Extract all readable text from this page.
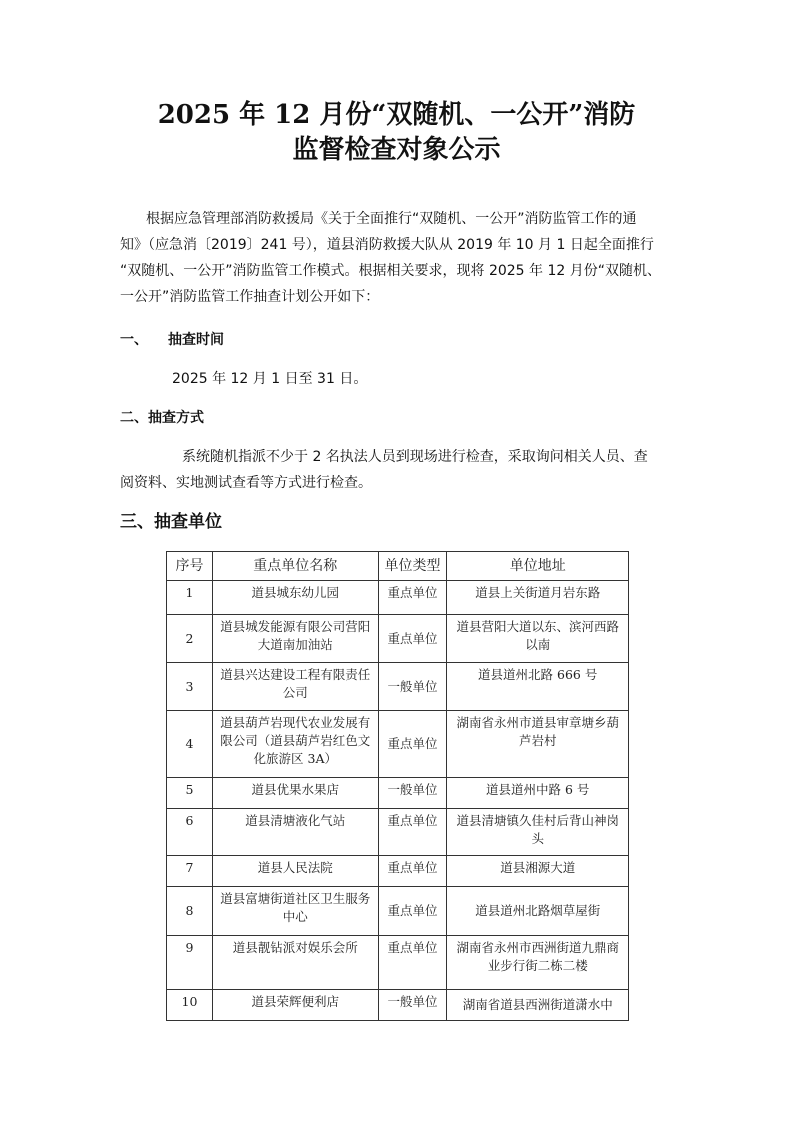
2025 年 12 月份“双随机、一公开”消防
监督检查对象公示
根据应急管理部消防救援局《关于全面推行“双随机、一公开”消防监管工作的通
知》（应急消〔2019〕241 号），道县消防救援大队从 2019 年 10 月 1 日起全面推行
“双随机、一公开”消防监管工作模式。根据相关要求，现将 2025 年 12 月份“双随机、
一公开”消防监管工作抽查计划公开如下：
一、 抽查时间
2025 年 12 月 1 日至 31 日。
二、抽查方式
系统随机指派不少于 2 名执法人员到现场进行检查，采取询问相关人员、查
阅资料、实地测试查看等方式进行检查。
三、抽查单位
序号	重点单位名称	单位类型	单位地址
1	道县城东幼儿园	重点单位	道县上关街道月岩东路
2	道县城发能源有限公司营阳大道南加油站	重点单位	道县营阳大道以东、滨河西路以南
3	道县兴达建设工程有限责任公司	一般单位	道县道州北路 666 号
4	道县葫芦岩现代农业发展有限公司（道县葫芦岩红色文化旅游区 3A）	重点单位	湖南省永州市道县审章塘乡葫芦岩村
5	道县优果水果店	一般单位	道县道州中路 6 号
6	道县清塘液化气站	重点单位	道县清塘镇久佳村后背山神岗头
7	道县人民法院	重点单位	道县湘源大道
8	道县富塘街道社区卫生服务中心	重点单位	道县道州北路烟草屋街
9	道县靓钻派对娱乐会所	重点单位	湖南省永州市西洲街道九鼎商业步行街二栋二楼
10	道县荣辉便利店	一般单位	湖南省道县西洲街道潇水中
